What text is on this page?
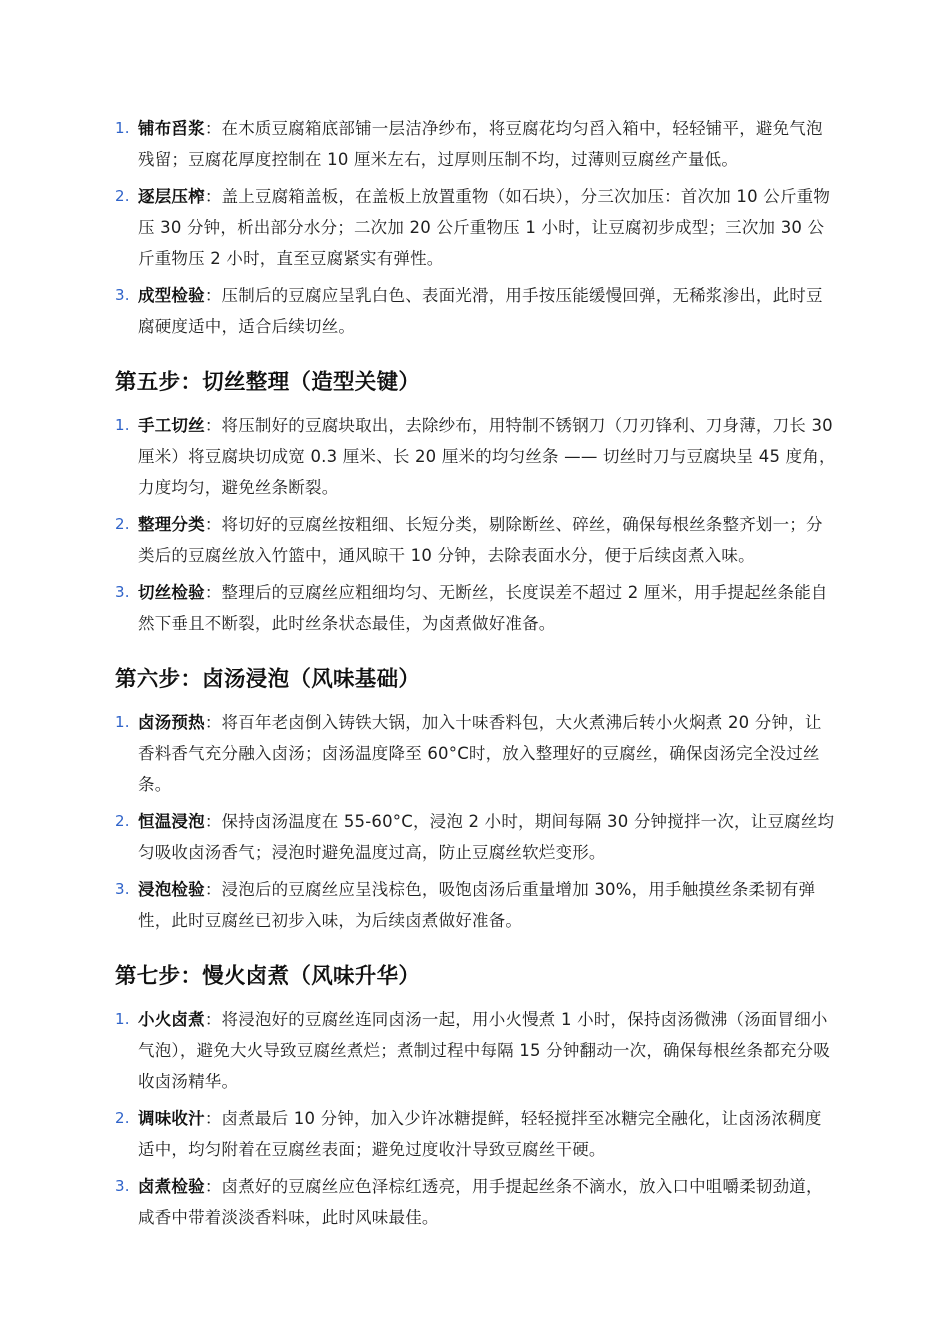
1. 铺布舀浆：在木质豆腐箱底部铺一层洁净纱布，将豆腐花均匀舀入箱中，轻轻铺平，避免气泡残留；豆腐花厚度控制在 10 厘米左右，过厚则压制不均，过薄则豆腐丝产量低。
2. 逐层压榨：盖上豆腐箱盖板，在盖板上放置重物（如石块），分三次加压：首次加 10 公斤重物压 30 分钟，析出部分水分；二次加 20 公斤重物压 1 小时，让豆腐初步成型；三次加 30 公斤重物压 2 小时，直至豆腐紧实有弹性。
3. 成型检验：压制后的豆腐应呈乳白色、表面光滑，用手按压能缓慢回弹，无稀浆渗出，此时豆腐硬度适中，适合后续切丝。
第五步：切丝整理（造型关键）
1. 手工切丝：将压制好的豆腐块取出，去除纱布，用特制不锈钢刀（刀刃锋利、刀身薄，刀长 30 厘米）将豆腐块切成宽 0.3 厘米、长 20 厘米的均匀丝条 —— 切丝时刀与豆腐块呈 45 度角，力度均匀，避免丝条断裂。
2. 整理分类：将切好的豆腐丝按粗细、长短分类，剔除断丝、碎丝，确保每根丝条整齐划一；分类后的豆腐丝放入竹篮中，通风晾干 10 分钟，去除表面水分，便于后续卤煮入味。
3. 切丝检验：整理后的豆腐丝应粗细均匀、无断丝，长度误差不超过 2 厘米，用手提起丝条能自然下垂且不断裂，此时丝条状态最佳，为卤煮做好准备。
第六步：卤汤浸泡（风味基础）
1. 卤汤预热：将百年老卤倒入铸铁大锅，加入十味香料包，大火煮沸后转小火焖煮 20 分钟，让香料香气充分融入卤汤；卤汤温度降至 60°C时，放入整理好的豆腐丝，确保卤汤完全没过丝条。
2. 恒温浸泡：保持卤汤温度在 55-60°C，浸泡 2 小时，期间每隔 30 分钟搅拌一次，让豆腐丝均匀吸收卤汤香气；浸泡时避免温度过高，防止豆腐丝软烂变形。
3. 浸泡检验：浸泡后的豆腐丝应呈浅棕色，吸饱卤汤后重量增加 30%，用手触摸丝条柔韧有弹性，此时豆腐丝已初步入味，为后续卤煮做好准备。
第七步：慢火卤煮（风味升华）
1. 小火卤煮：将浸泡好的豆腐丝连同卤汤一起，用小火慢煮 1 小时，保持卤汤微沸（汤面冒细小气泡），避免大火导致豆腐丝煮烂；煮制过程中每隔 15 分钟翻动一次，确保每根丝条都充分吸收卤汤精华。
2. 调味收汁：卤煮最后 10 分钟，加入少许冰糖提鲜，轻轻搅拌至冰糖完全融化，让卤汤浓稠度适中，均匀附着在豆腐丝表面；避免过度收汁导致豆腐丝干硬。
3. 卤煮检验：卤煮好的豆腐丝应色泽棕红透亮，用手提起丝条不滴水，放入口中咀嚼柔韧劲道，咸香中带着淡淡香料味，此时风味最佳。
